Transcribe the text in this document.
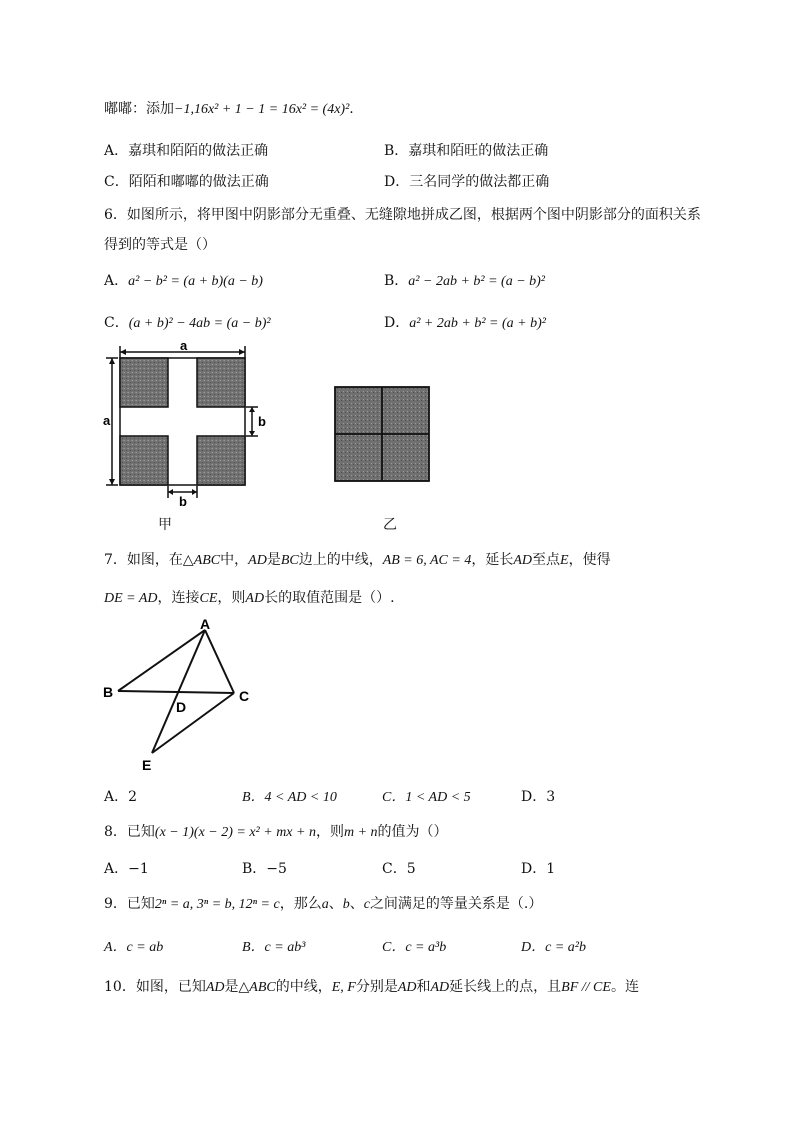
嘟嘟：添加−1,16x² + 1 − 1 = 16x² = (4x)².
A．嘉琪和陌陌的做法正确	B．嘉琪和陌旺的做法正确
C．陌陌和嘟嘟的做法正确	D．三名同学的做法都正确
6．如图所示，将甲图中阴影部分无重叠、无缝隙地拼成乙图，根据两个图中阴影部分的面积关系
得到的等式是（）
A．a² − b² = (a + b)(a − b)	B．a² − 2ab + b² = (a − b)²
C．(a + b)² − 4ab = (a − b)²	D．a² + 2ab + b² = (a + b)²
a
a	b
b
甲	乙
7．如图，在△ABC中，AD是BC边上的中线，AB = 6, AC = 4，延长AD至点E，使得
DE = AD，连接CE，则AD长的取值范围是（）.
A
B	C
D
E
A．2	B．4 < AD < 10	C．1 < AD < 5	D．3
8．已知(x − 1)(x − 2) = x² + mx + n，则m + n的值为（）
A．−1	B．−5	C．5	D．1
9．已知2ⁿ = a, 3ⁿ = b, 12ⁿ = c，那么a、b、c之间满足的等量关系是（.）
A．c = ab	B．c = ab³	C．c = a³b	D．c = a²b
10．如图，已知AD是△ABC的中线，E, F分别是AD和AD延长线上的点，且BF // CE。连
